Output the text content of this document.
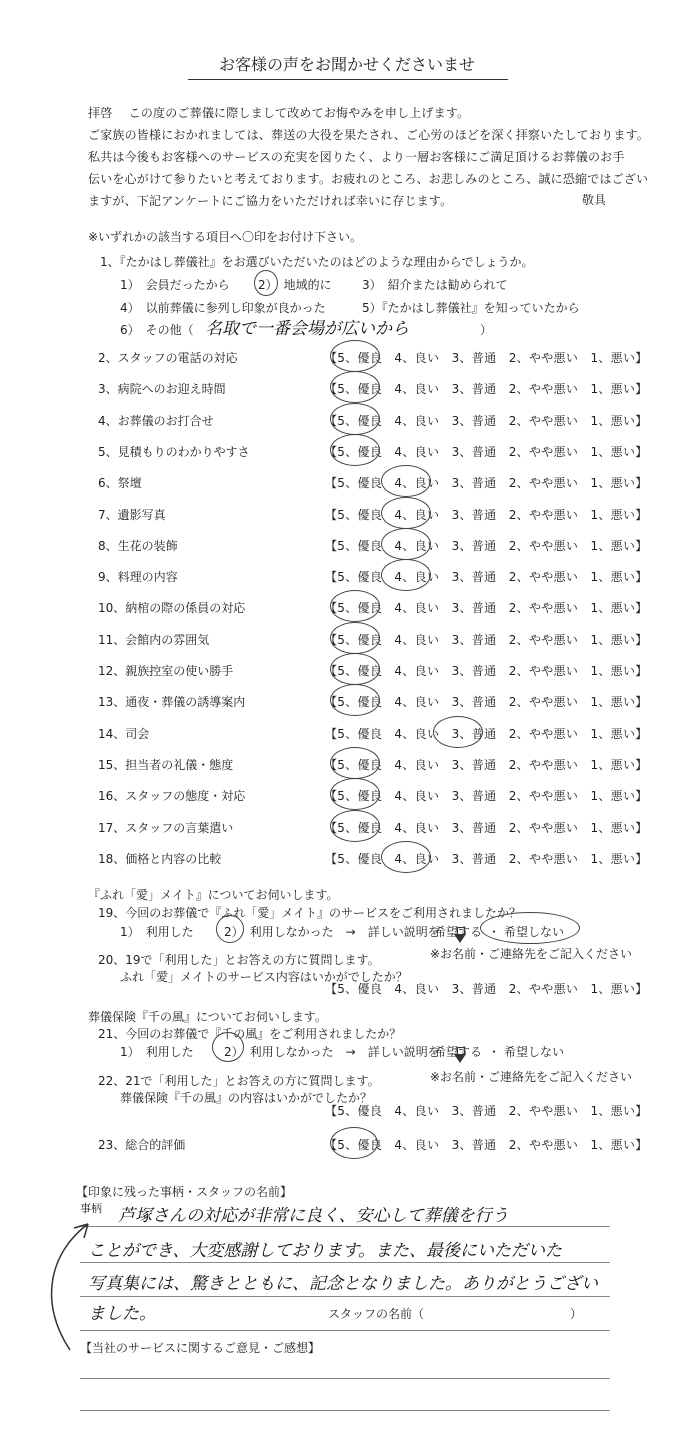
お客様の声をお聞かせくださいませ
拝啓　 この度のご葬儀に際しまして改めてお悔やみを申し上げます。
ご家族の皆様におかれましては、葬送の大役を果たされ、ご心労のほどを深く拝察いたしております。
私共は今後もお客様へのサービスの充実を図りたく、より一層お客様にご満足頂けるお葬儀のお手
伝いを心がけて参りたいと考えております。お疲れのところ、お悲しみのところ、誠に恐縮ではござい
ますが、下記アンケートにご協力をいただければ幸いに存じます。	敬具
※いずれかの該当する項目へ〇印をお付け下さい。
1、『たかはし葬儀社』をお選びいただいたのはどのような理由からでしょうか。
1）　会員だったから 2）　地域的に	3）　紹介または勧められて
4）　以前葬儀に参列し印象が良かった	5）『たかはし葬儀社』を知っていたから
6）　その他（ 名取で一番会場が広いから	）
2、スタッフの電話の対応	【5、優良　4、良い　3、普通　2、やや悪い　1、悪い】
3、病院へのお迎え時間	【5、優良　4、良い　3、普通　2、やや悪い　1、悪い】
4、お葬儀のお打合せ	【5、優良　4、良い　3、普通　2、やや悪い　1、悪い】
5、見積もりのわかりやすさ	【5、優良　4、良い　3、普通　2、やや悪い　1、悪い】
6、祭壇	【5、優良　4、良い　3、普通　2、やや悪い　1、悪い】
7、遺影写真	【5、優良　4、良い　3、普通　2、やや悪い　1、悪い】
8、生花の装飾	【5、優良　4、良い　3、普通　2、やや悪い　1、悪い】
9、料理の内容	【5、優良　4、良い　3、普通　2、やや悪い　1、悪い】
10、納棺の際の係員の対応	【5、優良　4、良い　3、普通　2、やや悪い　1、悪い】
11、会館内の雰囲気	【5、優良　4、良い　3、普通　2、やや悪い　1、悪い】
12、親族控室の使い勝手	【5、優良　4、良い　3、普通　2、やや悪い　1、悪い】
13、通夜・葬儀の誘導案内	【5、優良　4、良い　3、普通　2、やや悪い　1、悪い】
14、司会	【5、優良　4、良い　3、普通　2、やや悪い　1、悪い】
15、担当者の礼儀・態度	【5、優良　4、良い　3、普通　2、やや悪い　1、悪い】
16、スタッフの態度・対応	【5、優良　4、良い　3、普通　2、やや悪い　1、悪い】
17、スタッフの言葉遣い	【5、優良　4、良い　3、普通　2、やや悪い　1、悪い】
18、価格と内容の比較	【5、優良　4、良い　3、普通　2、やや悪い　1、悪い】
『ふれ「愛」メイト』についてお伺いします。
19、今回のお葬儀で『ふれ「愛」メイト』のサービスをご利用されましたか？
1）　利用した	2）　利用しなかった　→　詳しい説明を
希望する ・ 希望しない
※お名前・ご連絡先をご記入ください
20、19で「利用した」とお答えの方に質問します。
ふれ「愛」メイトのサービス内容はいかがでしたか？
【5、優良　4、良い　3、普通　2、やや悪い　1、悪い】
葬儀保険『千の風』についてお伺いします。
21、今回のお葬儀で『千の風』をご利用されましたか？
1）　利用した	2）　利用しなかった　→　詳しい説明を
希望する ・ 希望しない
※お名前・ご連絡先をご記入ください
22、21で「利用した」とお答えの方に質問します。
葬儀保険『千の風』の内容はいかがでしたか？
【5、優良　4、良い　3、普通　2、やや悪い　1、悪い】
23、総合的評価	【5、優良　4、良い　3、普通　2、やや悪い　1、悪い】
【印象に残った事柄・スタッフの名前】
事柄 芦塚さんの対応が非常に良く、安心して葬儀を行う
ことができ、大変感謝しております。また、最後にいただいた
写真集には、驚きとともに、記念となりました。ありがとうござい
ました。	スタッフの名前（	）
【当社のサービスに関するご意見・ご感想】
